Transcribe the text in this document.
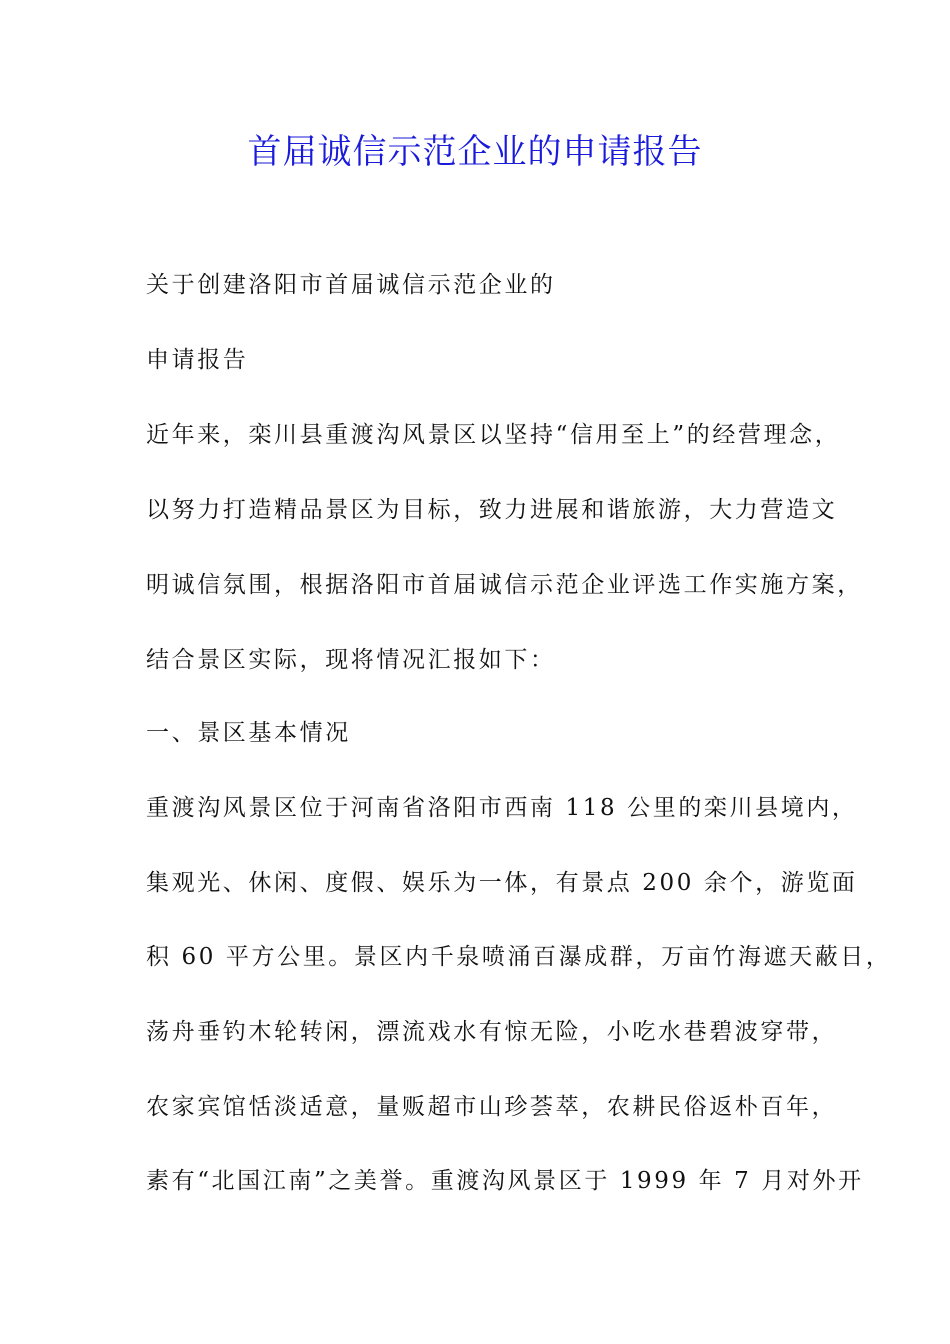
首届诚信示范企业的申请报告
关于创建洛阳市首届诚信示范企业的
申请报告
近年来，栾川县重渡沟风景区以坚持“信用至上”的经营理念，
以努力打造精品景区为目标，致力进展和谐旅游，大力营造文
明诚信氛围，根据洛阳市首届诚信示范企业评选工作实施方案，
结合景区实际，现将情况汇报如下：
一、景区基本情况
重渡沟风景区位于河南省洛阳市西南 118 公里的栾川县境内，
集观光、休闲、度假、娱乐为一体，有景点 200 余个，游览面
积 60 平方公里。景区内千泉喷涌百瀑成群，万亩竹海遮天蔽日，
荡舟垂钓木轮转闲，漂流戏水有惊无险，小吃水巷碧波穿带，
农家宾馆恬淡适意，量贩超市山珍荟萃，农耕民俗返朴百年，
素有“北国江南”之美誉。重渡沟风景区于 1999 年 7 月对外开
